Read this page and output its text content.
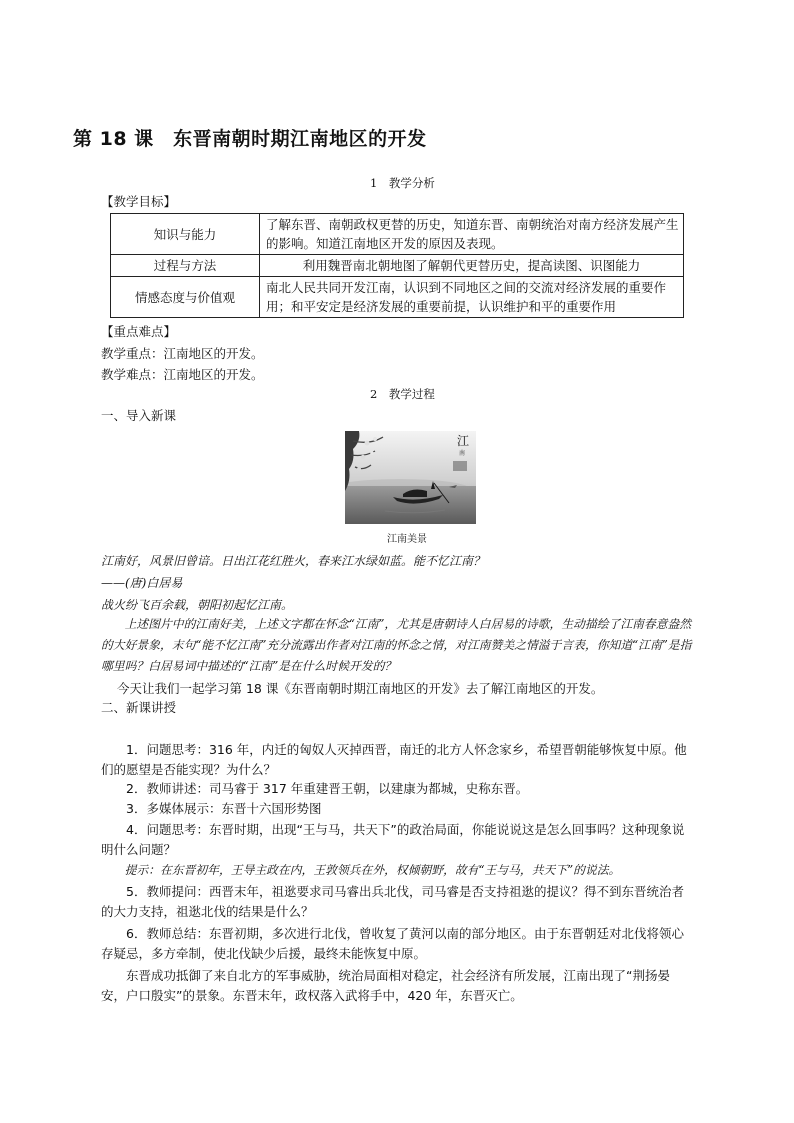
第 18 课　东晋南朝时期江南地区的开发
1　教学分析
【教学目标】
知识与能力	了解东晋、南朝政权更替的历史，知道东晋、南朝统治对南方经济发展产生的影响。知道江南地区开发的原因及表现。
过程与方法	利用魏晋南北朝地图了解朝代更替历史，提高读图、识图能力
情感态度与价值观	南北人民共同开发江南，认识到不同地区之间的交流对经济发展的重要作用；和平安定是经济发展的重要前提，认识维护和平的重要作用
【重点难点】
教学重点：江南地区的开发。
教学难点：江南地区的开发。
2　教学过程
一、导入新课
江
南
江南美景
江南好，风景旧曾谙。日出江花红胜火，春来江水绿如蓝。能不忆江南？
——(唐)白居易
战火纷飞百余载，朝阳初起忆江南。
上述图片中的江南好美，上述文字都在怀念“江南”，尤其是唐朝诗人白居易的诗歌，生动描绘了江南春意盎然的大好景象，末句“能不忆江南”充分流露出作者对江南的怀念之情，对江南赞美之情溢于言表，你知道“江南”是指哪里吗？白居易词中描述的“江南”是在什么时候开发的？
今天让我们一起学习第 18 课《东晋南朝时期江南地区的开发》去了解江南地区的开发。
二、新课讲授
1．问题思考：316 年，内迁的匈奴人灭掉西晋，南迁的北方人怀念家乡，希望晋朝能够恢复中原。他们的愿望是否能实现？为什么？
2．教师讲述：司马睿于 317 年重建晋王朝，以建康为都城，史称东晋。
3．多媒体展示：东晋十六国形势图
4．问题思考：东晋时期，出现“王与马，共天下”的政治局面，你能说说这是怎么回事吗？这种现象说明什么问题？
提示：在东晋初年，王导主政在内，王敦领兵在外，权倾朝野，故有“王与马，共天下”的说法。
5．教师提问：西晋末年，祖逖要求司马睿出兵北伐，司马睿是否支持祖逖的提议？得不到东晋统治者的大力支持，祖逖北伐的结果是什么？
6．教师总结：东晋初期，多次进行北伐，曾收复了黄河以南的部分地区。由于东晋朝廷对北伐将领心存疑忌，多方牵制，使北伐缺少后援，最终未能恢复中原。
东晋成功抵御了来自北方的军事威胁，统治局面相对稳定，社会经济有所发展，江南出现了“荆扬晏安，户口殷实”的景象。东晋末年，政权落入武将手中，420 年，东晋灭亡。
